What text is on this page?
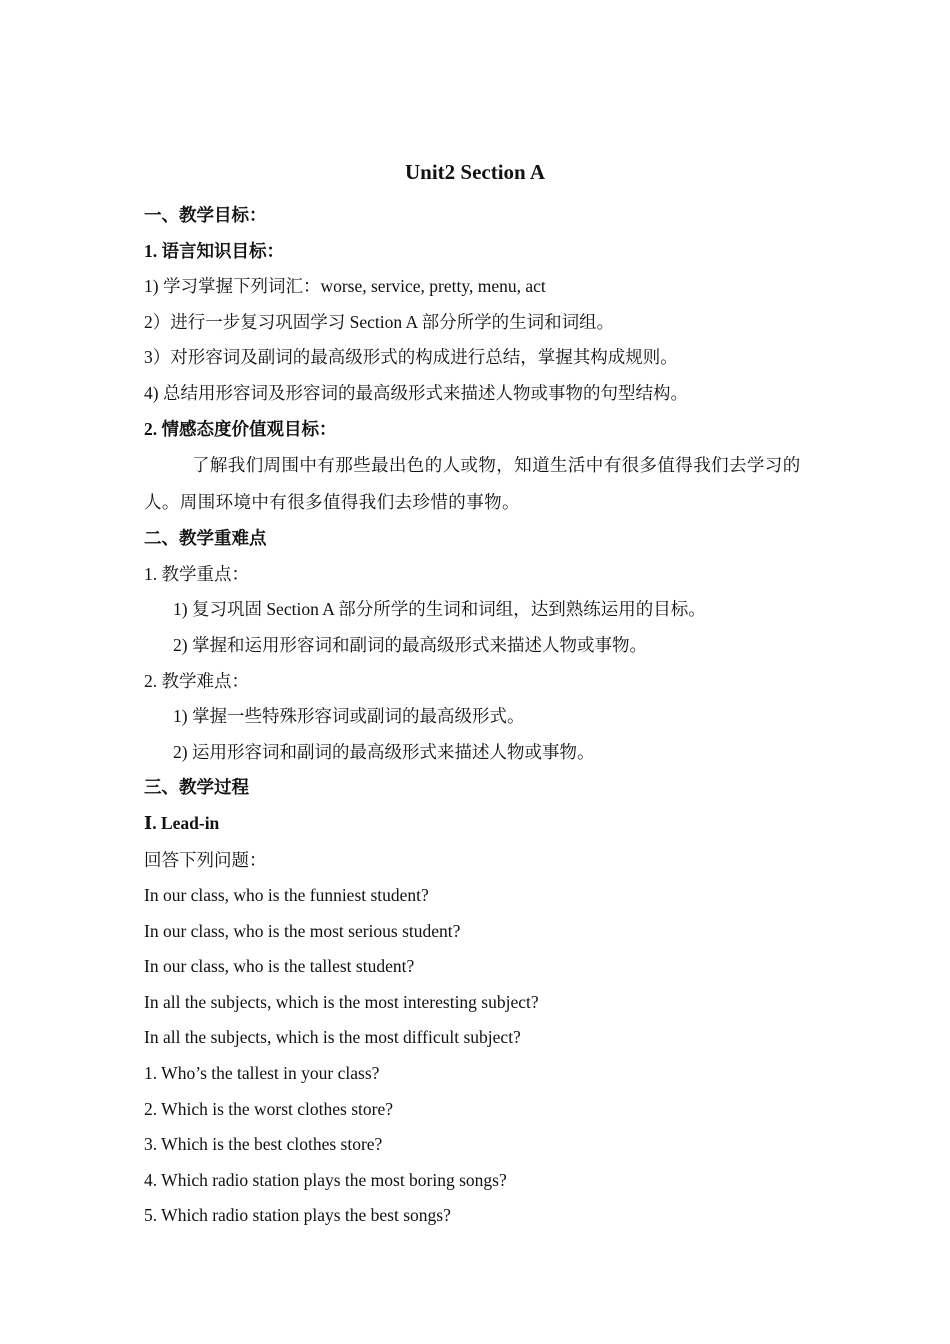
Unit2 Section A

一、教学目标：

1. 语言知识目标：

1) 学习掌握下列词汇：worse, service, pretty, menu, act

2）进行一步复习巩固学习 Section A 部分所学的生词和词组。

3）对形容词及副词的最高级形式的构成进行总结，掌握其构成规则。

4) 总结用形容词及形容词的最高级形式来描述人物或事物的句型结构。

2. 情感态度价值观目标：

了解我们周围中有那些最出色的人或物，知道生活中有很多值得我们去学习的人。周围环境中有很多值得我们去珍惜的事物。

二、教学重难点

1. 教学重点：

1) 复习巩固 Section A 部分所学的生词和词组，达到熟练运用的目标。

2) 掌握和运用形容词和副词的最高级形式来描述人物或事物。

2. 教学难点：

1) 掌握一些特殊形容词或副词的最高级形式。

2) 运用形容词和副词的最高级形式来描述人物或事物。

三、教学过程

I. Lead-in

回答下列问题：

In our class, who is the funniest student?

In our class, who is the most serious student?

In our class, who is the tallest student?

In all the subjects, which is the most interesting subject?

In all the subjects, which is the most difficult subject?

1. Who’s the tallest in your class?

2. Which is the worst clothes store?

3. Which is the best clothes store?

4. Which radio station plays the most boring songs?

5. Which radio station plays the best songs?
